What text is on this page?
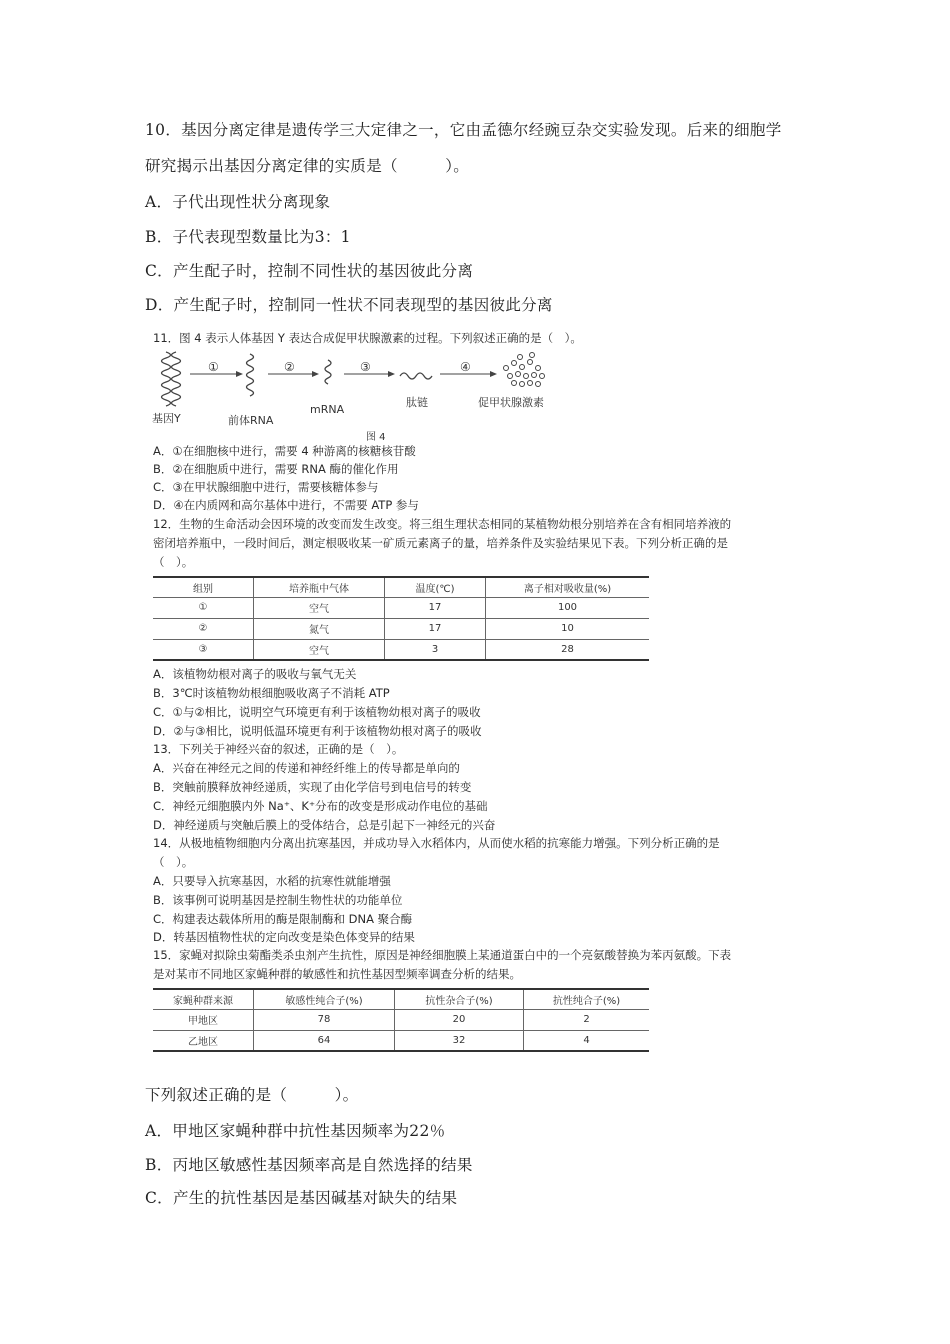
10．基因分离定律是遗传学三大定律之一，它由孟德尔经豌豆杂交实验发现。后来的细胞学
研究揭示出基因分离定律的实质是（　　　）。
A．子代出现性状分离现象
B．子代表现型数量比为3：1
C．产生配子时，控制不同性状的基因彼此分离
D．产生配子时，控制同一性状不同表现型的基因彼此分离
11．图 4 表示人体基因 Y 表达合成促甲状腺激素的过程。下列叙述正确的是（　）。
①	②	③	④
基因Y	前体RNA
mRNA
肽链	促甲状腺激素
图 4
A．①在细胞核中进行，需要 4 种游离的核糖核苷酸
B．②在细胞质中进行，需要 RNA 酶的催化作用
C．③在甲状腺细胞中进行，需要核糖体参与
D．④在内质网和高尔基体中进行，不需要 ATP 参与
12．生物的生命活动会因环境的改变而发生改变。将三组生理状态相同的某植物幼根分别培养在含有相同培养液的
密闭培养瓶中，一段时间后，测定根吸收某一矿质元素离子的量，培养条件及实验结果见下表。下列分析正确的是
（　）。
组别	培养瓶中气体	温度(℃)	离子相对吸收量(%)
①	空气	17	100
②	氮气	17	10
③	空气	3	28
A．该植物幼根对离子的吸收与氧气无关
B．3℃时该植物幼根细胞吸收离子不消耗 ATP
C．①与②相比，说明空气环境更有利于该植物幼根对离子的吸收
D．②与③相比，说明低温环境更有利于该植物幼根对离子的吸收
13．下列关于神经兴奋的叙述，正确的是（　）。
A．兴奋在神经元之间的传递和神经纤维上的传导都是单向的
B．突触前膜释放神经递质，实现了由化学信号到电信号的转变
C．神经元细胞膜内外 Na⁺、K⁺分布的改变是形成动作电位的基础
D．神经递质与突触后膜上的受体结合，总是引起下一神经元的兴奋
14．从极地植物细胞内分离出抗寒基因，并成功导入水稻体内，从而使水稻的抗寒能力增强。下列分析正确的是
（　）。
A．只要导入抗寒基因，水稻的抗寒性就能增强
B．该事例可说明基因是控制生物性状的功能单位
C．构建表达载体所用的酶是限制酶和 DNA 聚合酶
D．转基因植物性状的定向改变是染色体变异的结果
15．家蝇对拟除虫菊酯类杀虫剂产生抗性，原因是神经细胞膜上某通道蛋白中的一个亮氨酸替换为苯丙氨酸。下表
是对某市不同地区家蝇种群的敏感性和抗性基因型频率调查分析的结果。
家蝇种群来源	敏感性纯合子(%)	抗性杂合子(%)	抗性纯合子(%)
甲地区	78	20	2
乙地区	64	32	4
下列叙述正确的是（　　　）。
A．甲地区家蝇种群中抗性基因频率为22％
B．丙地区敏感性基因频率高是自然选择的结果
C．产生的抗性基因是基因碱基对缺失的结果
